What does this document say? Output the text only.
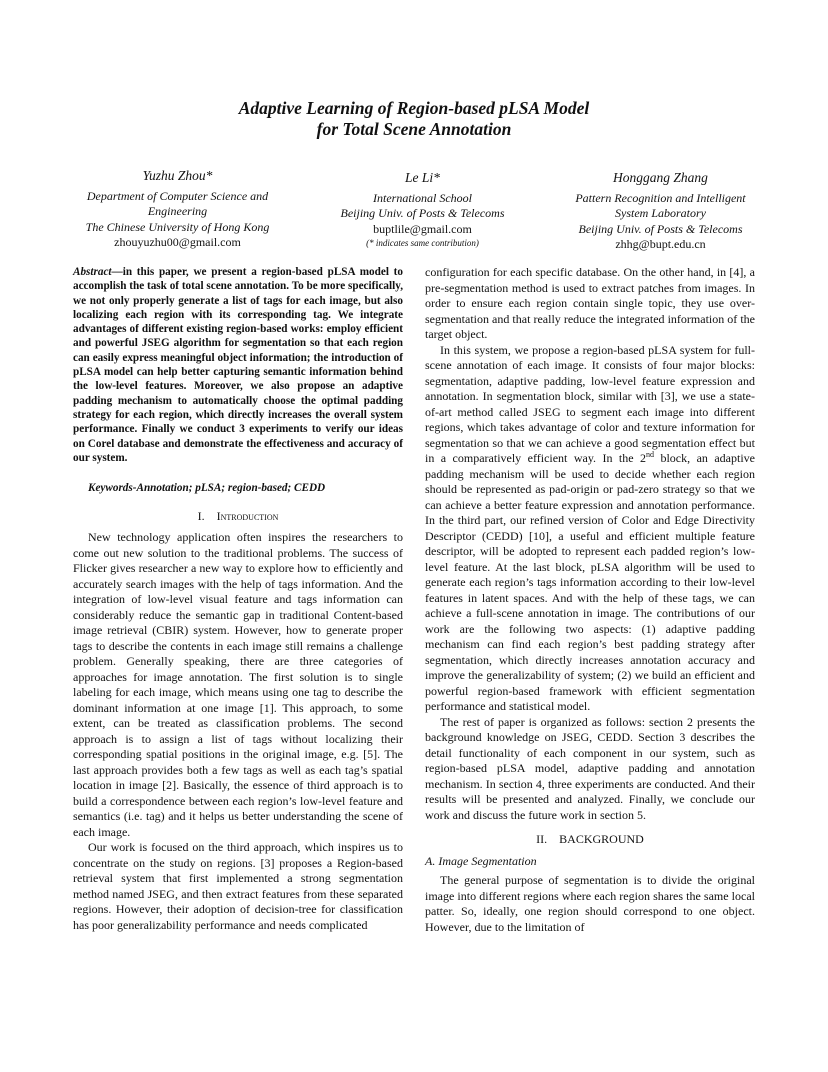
Adaptive Learning of Region-based pLSA Model
for Total Scene Annotation
Yuzhu Zhou*
Department of Computer Science and
Engineering
The Chinese University of Hong Kong
zhouyuzhu00@gmail.com
Le Li*
International School
Beijing Univ. of Posts & Telecoms
buptlile@gmail.com
(* indicates same contribution)
Honggang Zhang
Pattern Recognition and Intelligent
System Laboratory
Beijing Univ. of Posts & Telecoms
zhhg@bupt.edu.cn

Abstract—in this paper, we present a region-based pLSA model to accomplish the task of total scene annotation. To be more specifically, we not only properly generate a list of tags for each image, but also localizing each region with its corresponding tag. We integrate advantages of different existing region-based works: employ efficient and powerful JSEG algorithm for segmentation so that each region can easily express meaningful object information; the introduction of pLSA model can help better capturing semantic information behind the low-level features. Moreover, we also propose an adaptive padding mechanism to automatically choose the optimal padding strategy for each region, which directly increases the overall system performance. Finally we conduct 3 experiments to verify our ideas on Corel database and demonstrate the effectiveness and accuracy of our system.

Keywords-Annotation; pLSA; region-based; CEDD

I. Introduction

New technology application often inspires the researchers to come out new solution to the traditional problems. The success of Flicker gives researcher a new way to explore how to efficiently and accurately search images with the help of tags information. And the integration of low-level visual feature and tags information can considerably reduce the semantic gap in traditional Content-based image retrieval (CBIR) system. However, how to generate proper tags to describe the contents in each image still remains a challenge problem. Generally speaking, there are three categories of approaches for image annotation. The first solution is to single labeling for each image, which means using one tag to describe the dominant information at one image [1]. This approach, to some extent, can be treated as classification problems. The second approach is to assign a list of tags without localizing their corresponding spatial positions in the original image, e.g. [5]. The last approach provides both a few tags as well as each tag’s spatial location in image [2]. Basically, the essence of third approach is to build a correspondence between each region’s low-level feature and semantics (i.e. tag) and it helps us better understanding the scene of each image.

Our work is focused on the third approach, which inspires us to concentrate on the study on regions. [3] proposes a Region-based retrieval system that first implemented a strong segmentation method named JSEG, and then extract features from these separated regions. However, their adoption of decision-tree for classification has poor generalizability performance and needs complicated

configuration for each specific database. On the other hand, in [4], a pre-segmentation method is used to extract patches from images. In order to ensure each region contain single topic, they use over-segmentation and that really reduce the integrated information of the target object.

In this system, we propose a region-based pLSA system for full-scene annotation of each image. It consists of four major blocks: segmentation, adaptive padding, low-level feature expression and annotation. In segmentation block, similar with [3], we use a state-of-art method called JSEG to segment each image into different regions, which takes advantage of color and texture information for segmentation so that we can achieve a good segmentation effect but in a comparatively efficient way. In the 2nd block, an adaptive padding mechanism will be used to decide whether each region should be represented as pad-origin or pad-zero strategy so that we can achieve a better feature expression and annotation performance. In the third part, our refined version of Color and Edge Directivity Descriptor (CEDD) [10], a useful and efficient multiple feature descriptor, will be adopted to represent each padded region’s low-level feature. At the last block, pLSA algorithm will be used to generate each region’s tags information according to their low-level features in latent spaces. And with the help of these tags, we can achieve a full-scene annotation in image. The contributions of our work are the following two aspects: (1) adaptive padding mechanism can find each region’s best padding strategy after segmentation, which directly increases annotation accuracy and improve the generalizability of system; (2) we build an efficient and powerful region-based framework with efficient segmentation performance and statistical model.

The rest of paper is organized as follows: section 2 presents the background knowledge on JSEG, CEDD. Section 3 describes the detail functionality of each component in our system, such as region-based pLSA model, adaptive padding and annotation mechanism. In section 4, three experiments are conducted. And their results will be presented and analyzed. Finally, we conclude our work and discuss the future work in section 5.

II. BACKGROUND
A. Image Segmentation

The general purpose of segmentation is to divide the original image into different regions where each region shares the same local patter. So, ideally, one region should correspond to one object. However, due to the limitation of
